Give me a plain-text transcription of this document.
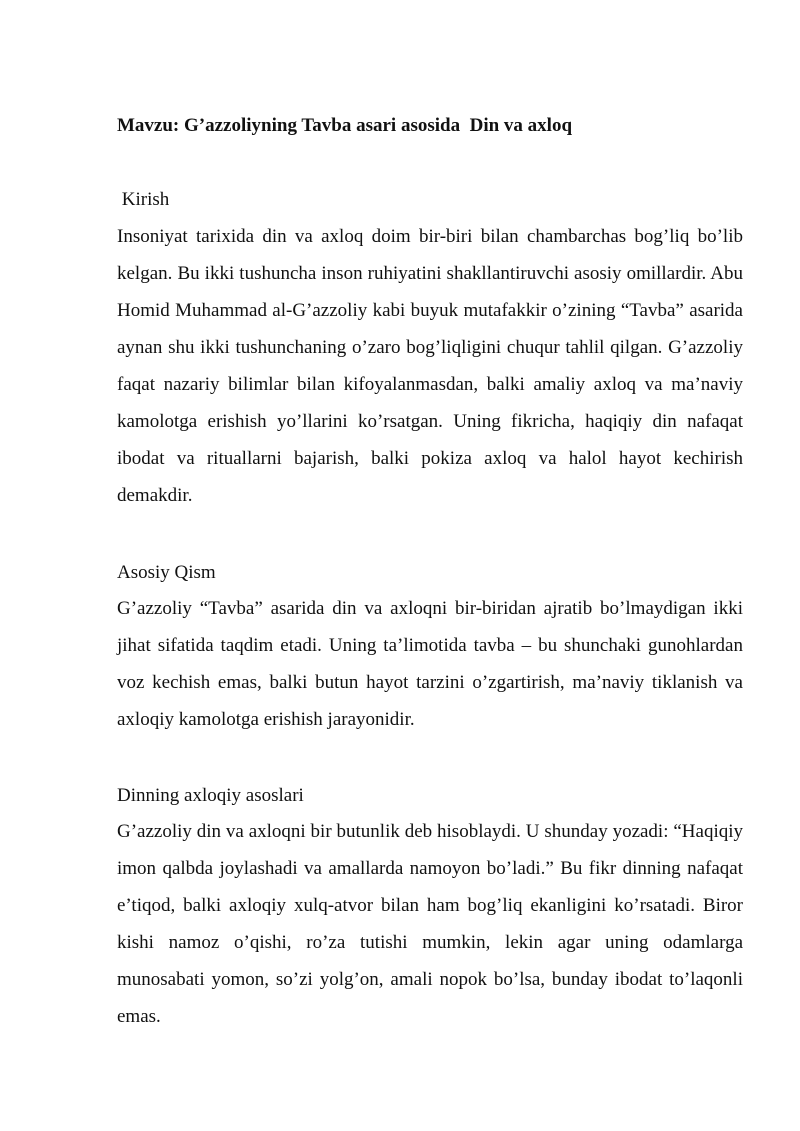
Mavzu: G’azzoliyning Tavba asari asosida  Din va axloq
Kirish

Insoniyat tarixida din va axloq doim bir-biri bilan chambarchas bog’liq bo’lib kelgan. Bu ikki tushuncha inson ruhiyatini shakllantiruvchi asosiy omillardir. Abu Homid Muhammad al-G’azzoliy kabi buyuk mutafakkir o’zining “Tavba” asarida aynan shu ikki tushunchaning o’zaro bog’liqligini chuqur tahlil qilgan. G’azzoliy faqat nazariy bilimlar bilan kifoyalanmasdan, balki amaliy axloq va ma’naviy kamolotga erishish yo’llarini ko’rsatgan. Uning fikricha, haqiqiy din nafaqat ibodat va rituallarni bajarish, balki pokiza axloq va halol hayot kechirish demakdir.

Asosiy Qism

G’azzoliy “Tavba” asarida din va axloqni bir-biridan ajratib bo’lmaydigan ikki jihat sifatida taqdim etadi. Uning ta’limotida tavba – bu shunchaki gunohlardan voz kechish emas, balki butun hayot tarzini o’zgartirish, ma’naviy tiklanish va axloqiy kamolotga erishish jarayonidir.

Dinning axloqiy asoslari

G’azzoliy din va axloqni bir butunlik deb hisoblaydi. U shunday yozadi: “Haqiqiy imon qalbda joylashadi va amallarda namoyon bo’ladi.” Bu fikr dinning nafaqat e’tiqod, balki axloqiy xulq-atvor bilan ham bog’liq ekanligini ko’rsatadi. Biror kishi namoz o’qishi, ro’za tutishi mumkin, lekin agar uning odamlarga munosabati yomon, so’zi yolg’on, amali nopok bo’lsa, bunday ibodat to’laqonli emas.
